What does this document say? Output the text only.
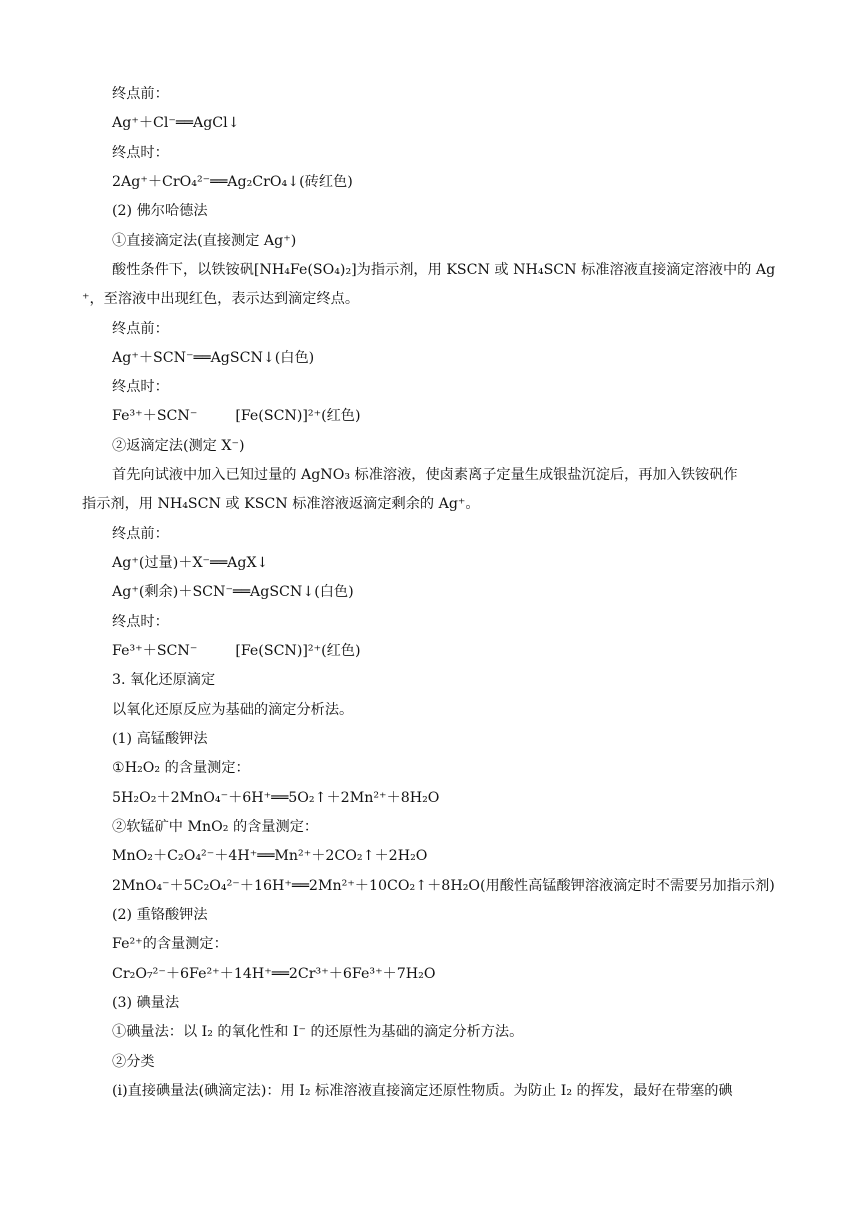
终点前：
Ag⁺＋Cl⁻══AgCl↓
终点时：
2Ag⁺＋CrO₄²⁻══Ag₂CrO₄↓(砖红色)
(2) 佛尔哈德法
①直接滴定法(直接测定 Ag⁺)
酸性条件下，以铁铵矾[NH₄Fe(SO₄)₂]为指示剂，用 KSCN 或 NH₄SCN 标准溶液直接滴定溶液中的 Ag
⁺，至溶液中出现红色，表示达到滴定终点。
终点前：
Ag⁺＋SCN⁻══AgSCN↓(白色)
终点时：
Fe³⁺＋SCN⁻	[Fe(SCN)]²⁺(红色)
②返滴定法(测定 X⁻)
首先向试液中加入已知过量的 AgNO₃ 标准溶液，使卤素离子定量生成银盐沉淀后，再加入铁铵矾作
指示剂，用 NH₄SCN 或 KSCN 标准溶液返滴定剩余的 Ag⁺。
终点前：
Ag⁺(过量)＋X⁻══AgX↓
Ag⁺(剩余)＋SCN⁻══AgSCN↓(白色)
终点时：
Fe³⁺＋SCN⁻	[Fe(SCN)]²⁺(红色)
3. 氧化还原滴定
以氧化还原反应为基础的滴定分析法。
(1) 高锰酸钾法
①H₂O₂ 的含量测定：
5H₂O₂＋2MnO₄⁻＋6H⁺══5O₂↑＋2Mn²⁺＋8H₂O
②软锰矿中 MnO₂ 的含量测定：
MnO₂＋C₂O₄²⁻＋4H⁺══Mn²⁺＋2CO₂↑＋2H₂O
2MnO₄⁻＋5C₂O₄²⁻＋16H⁺══2Mn²⁺＋10CO₂↑＋8H₂O(用酸性高锰酸钾溶液滴定时不需要另加指示剂)
(2) 重铬酸钾法
Fe²⁺的含量测定：
Cr₂O₇²⁻＋6Fe²⁺＋14H⁺══2Cr³⁺＋6Fe³⁺＋7H₂O
(3) 碘量法
①碘量法：以 I₂ 的氧化性和 I⁻ 的还原性为基础的滴定分析方法。
②分类
(ⅰ)直接碘量法(碘滴定法)：用 I₂ 标准溶液直接滴定还原性物质。为防止 I₂ 的挥发，最好在带塞的碘
